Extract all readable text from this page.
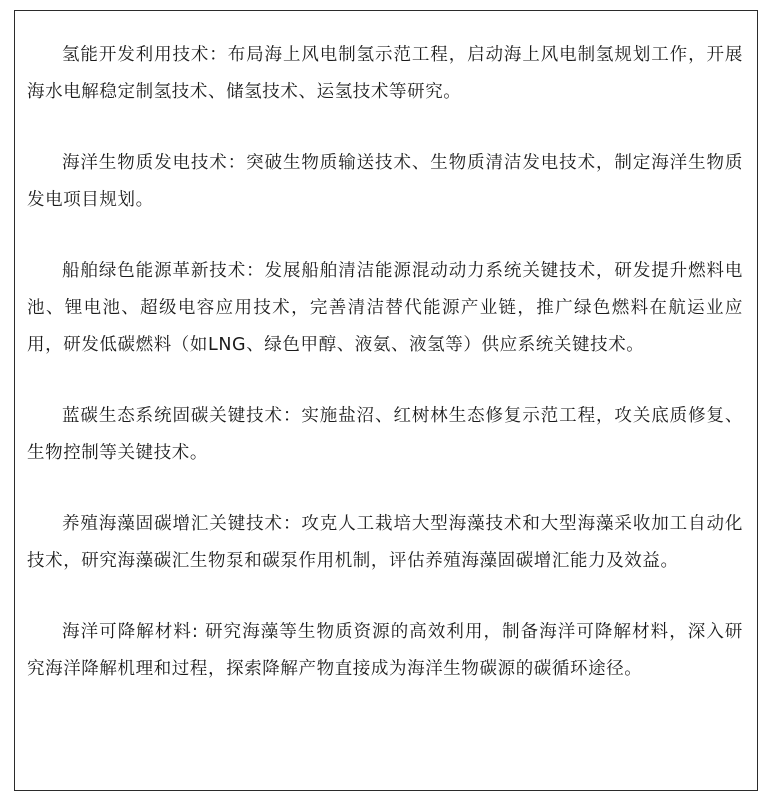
氢能开发利用技术：布局海上风电制氢示范工程，启动海上风电制氢规划工作，开展海水电解稳定制氢技术、储氢技术、运氢技术等研究。

海洋生物质发电技术：突破生物质输送技术、生物质清洁发电技术，制定海洋生物质发电项目规划。

船舶绿色能源革新技术：发展船舶清洁能源混动动力系统关键技术，研发提升燃料电池、锂电池、超级电容应用技术，完善清洁替代能源产业链，推广绿色燃料在航运业应用，研发低碳燃料（如LNG、绿色甲醇、液氨、液氢等）供应系统关键技术。

蓝碳生态系统固碳关键技术：实施盐沼、红树林生态修复示范工程，攻关底质修复、生物控制等关键技术。

养殖海藻固碳增汇关键技术：攻克人工栽培大型海藻技术和大型海藻采收加工自动化技术，研究海藻碳汇生物泵和碳泵作用机制，评估养殖海藻固碳增汇能力及效益。

海洋可降解材料: 研究海藻等生物质资源的高效利用，制备海洋可降解材料，深入研究海洋降解机理和过程，探索降解产物直接成为海洋生物碳源的碳循环途径。
